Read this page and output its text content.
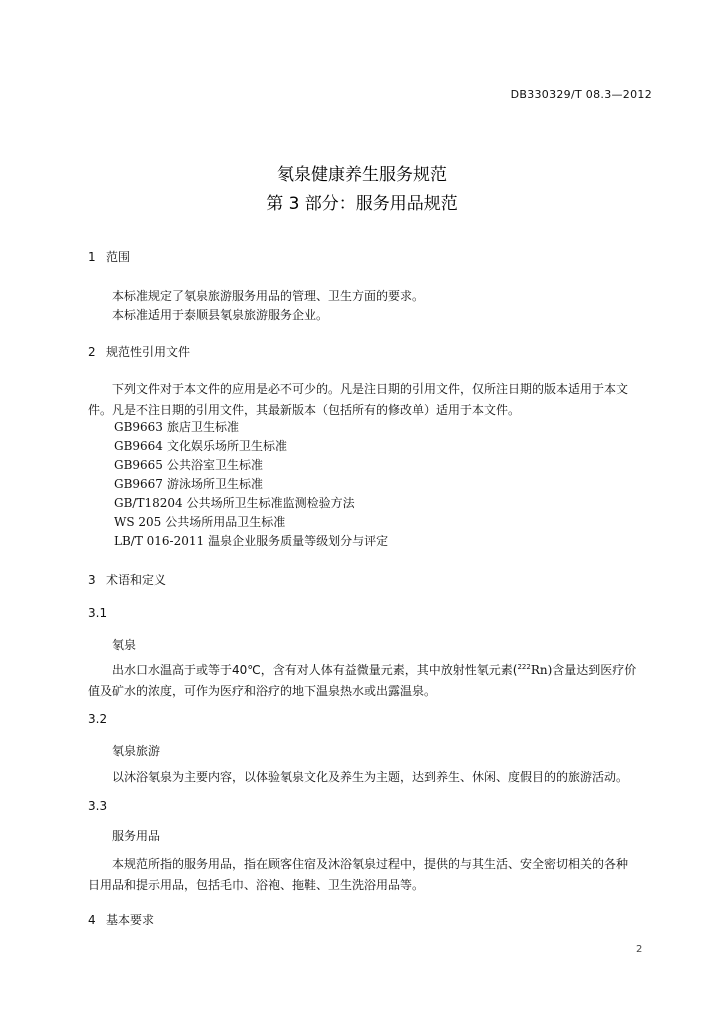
DB330329/T 08.3—2012
氡泉健康养生服务规范
第 3 部分：服务用品规范
1 范围
本标准规定了氡泉旅游服务用品的管理、卫生方面的要求。
本标准适用于泰顺县氡泉旅游服务企业。
2 规范性引用文件
下列文件对于本文件的应用是必不可少的。凡是注日期的引用文件，仅所注日期的版本适用于本文
件。凡是不注日期的引用文件，其最新版本（包括所有的修改单）适用于本文件。
GB9663 旅店卫生标准
GB9664 文化娱乐场所卫生标准
GB9665 公共浴室卫生标准
GB9667 游泳场所卫生标准
GB/T18204 公共场所卫生标准监测检验方法
WS 205 公共场所用品卫生标准
LB/T 016-2011 温泉企业服务质量等级划分与评定
3 术语和定义
3.1
氡泉
出水口水温高于或等于40℃，含有对人体有益微量元素，其中放射性氡元素($^{222}$Rn)含量达到医疗价
值及矿水的浓度，可作为医疗和浴疗的地下温泉热水或出露温泉。
3.2
氡泉旅游
以沐浴氡泉为主要内容，以体验氡泉文化及养生为主题，达到养生、休闲、度假目的的旅游活动。
3.3
服务用品
本规范所指的服务用品，指在顾客住宿及沐浴氡泉过程中，提供的与其生活、安全密切相关的各种
日用品和提示用品，包括毛巾、浴袍、拖鞋、卫生洗浴用品等。
4 基本要求
2
